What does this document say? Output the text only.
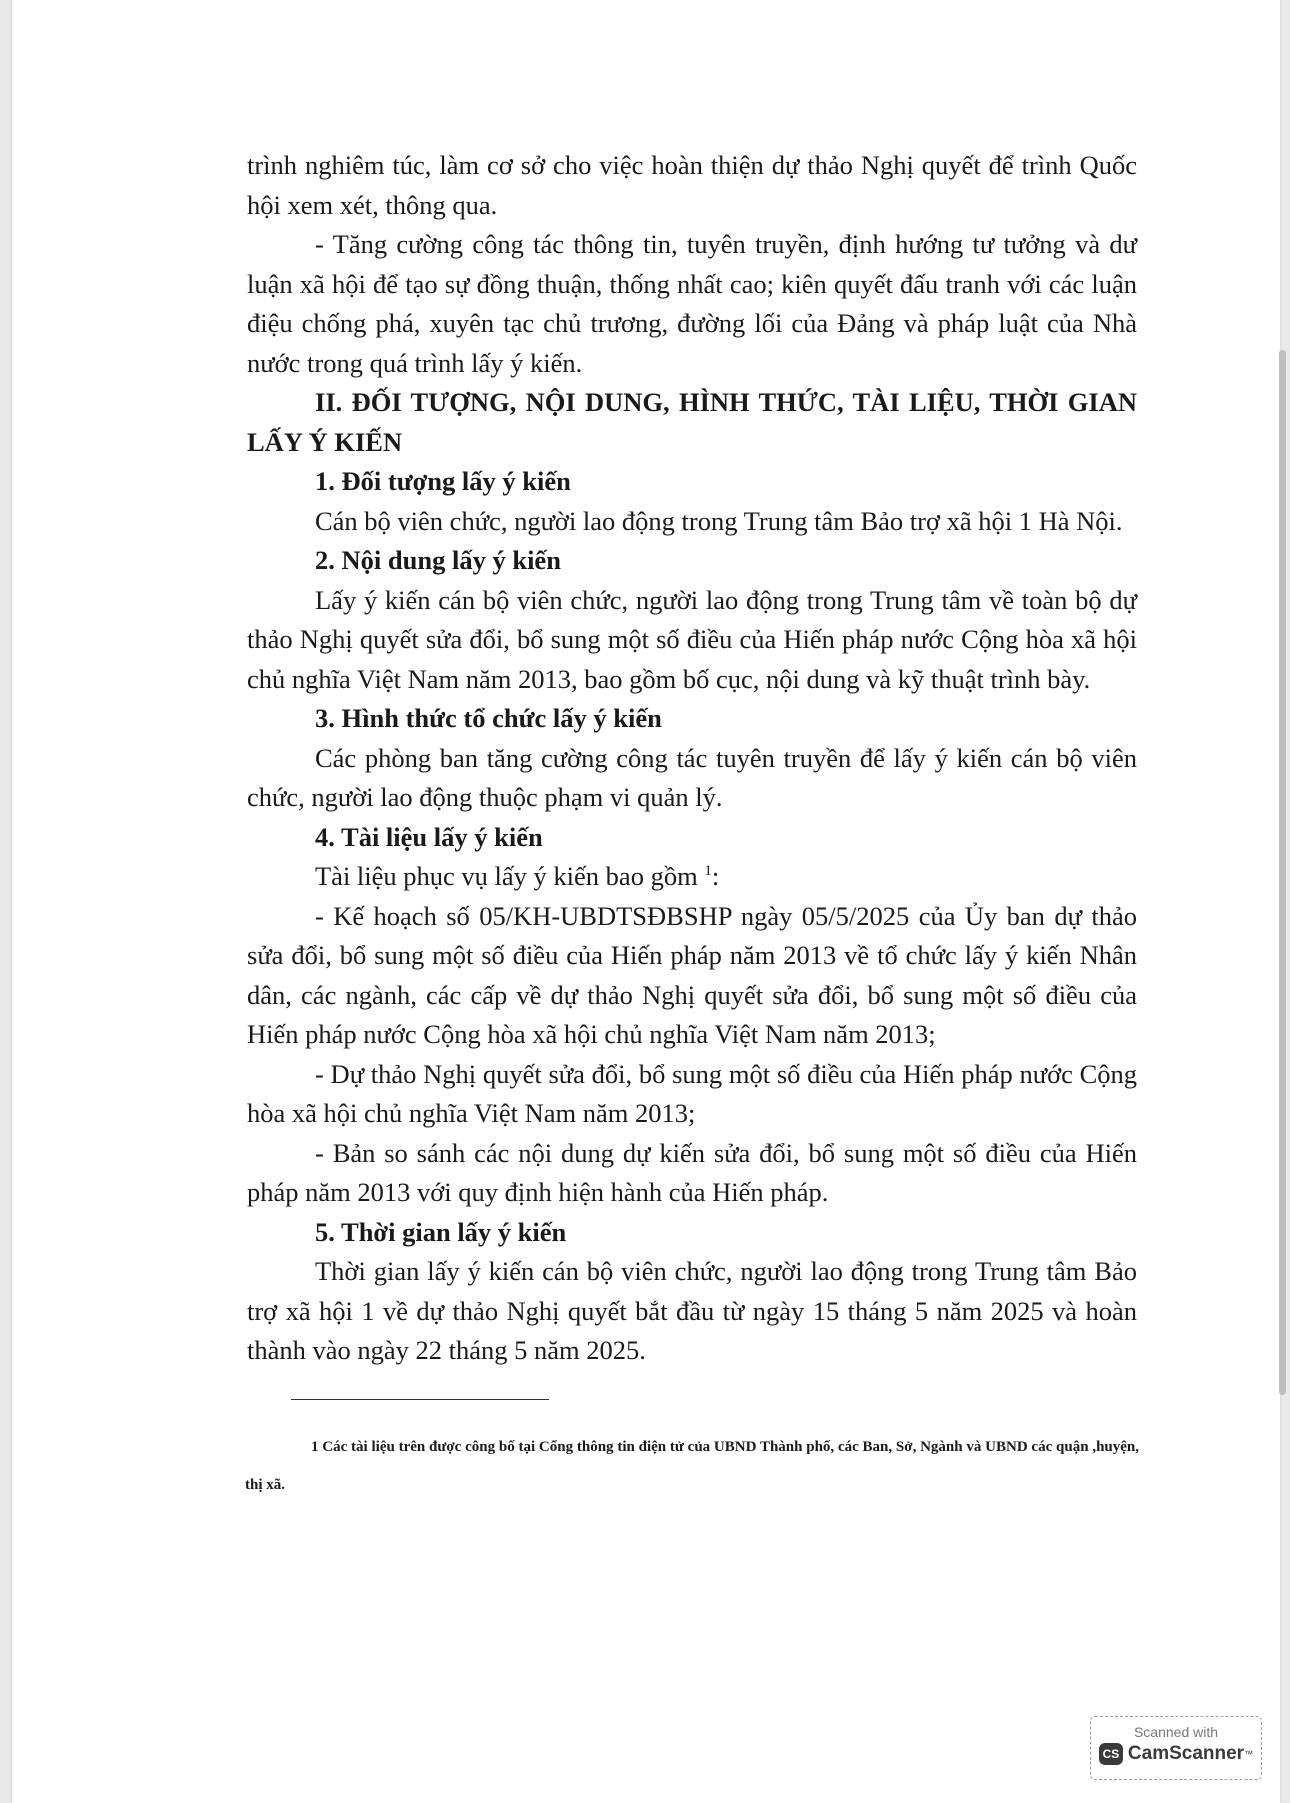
trình nghiêm túc, làm cơ sở cho việc hoàn thiện dự thảo Nghị quyết để trình Quốc hội xem xét, thông qua.

- Tăng cường công tác thông tin, tuyên truyền, định hướng tư tưởng và dư luận xã hội để tạo sự đồng thuận, thống nhất cao; kiên quyết đấu tranh với các luận điệu chống phá, xuyên tạc chủ trương, đường lối của Đảng và pháp luật của Nhà nước trong quá trình lấy ý kiến.

II. ĐỐI TƯỢNG, NỘI DUNG, HÌNH THỨC, TÀI LIỆU, THỜI GIAN LẤY Ý KIẾN

1. Đối tượng lấy ý kiến

Cán bộ viên chức, người lao động trong Trung tâm Bảo trợ xã hội 1 Hà Nội.

2. Nội dung lấy ý kiến

Lấy ý kiến cán bộ viên chức, người lao động trong Trung tâm về toàn bộ dự thảo Nghị quyết sửa đổi, bổ sung một số điều của Hiến pháp nước Cộng hòa xã hội chủ nghĩa Việt Nam năm 2013, bao gồm bố cục, nội dung và kỹ thuật trình bày.

3. Hình thức tổ chức lấy ý kiến

Các phòng ban tăng cường công tác tuyên truyền để lấy ý kiến cán bộ viên chức, người lao động thuộc phạm vi quản lý.

4. Tài liệu lấy ý kiến

Tài liệu phục vụ lấy ý kiến bao gồm $^1$:

- Kế hoạch số 05/KH-UBDTSĐBSHP ngày 05/5/2025 của Ủy ban dự thảo sửa đổi, bổ sung một số điều của Hiến pháp năm 2013 về tổ chức lấy ý kiến Nhân dân, các ngành, các cấp về dự thảo Nghị quyết sửa đổi, bổ sung một số điều của Hiến pháp nước Cộng hòa xã hội chủ nghĩa Việt Nam năm 2013;

- Dự thảo Nghị quyết sửa đổi, bổ sung một số điều của Hiến pháp nước Cộng hòa xã hội chủ nghĩa Việt Nam năm 2013;

- Bản so sánh các nội dung dự kiến sửa đổi, bổ sung một số điều của Hiến pháp năm 2013 với quy định hiện hành của Hiến pháp.

5. Thời gian lấy ý kiến

Thời gian lấy ý kiến cán bộ viên chức, người lao động trong Trung tâm Bảo trợ xã hội 1 về dự thảo Nghị quyết bắt đầu từ ngày 15 tháng 5 năm 2025 và hoàn thành vào ngày 22 tháng 5 năm 2025.

1 Các tài liệu trên được công bố tại Cổng thông tin điện tử của UBND Thành phố, các Ban, Sở, Ngành và UBND các quận ,huyện, thị xã.
Scanned with
CS CamScanner ™
